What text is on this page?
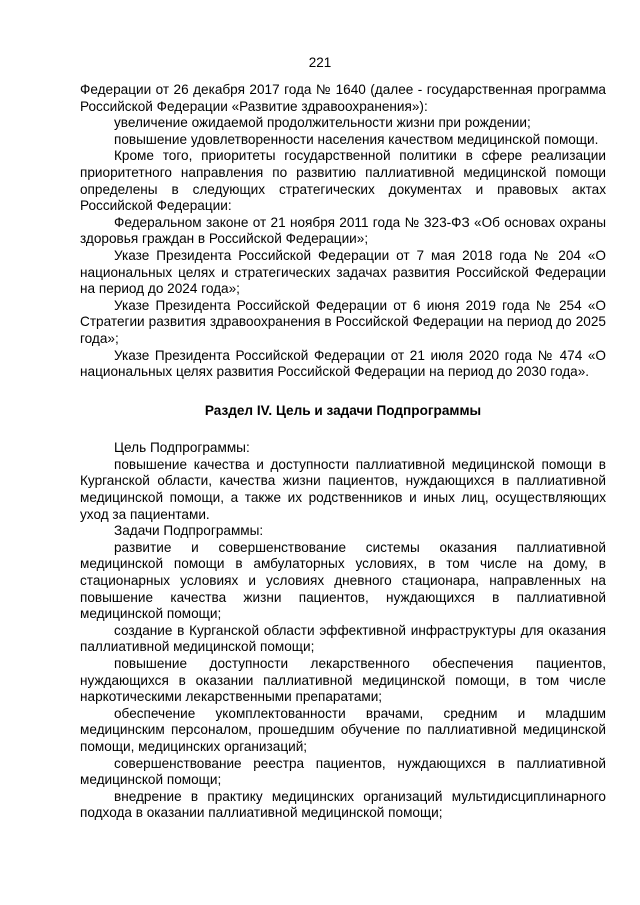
221

Федерации от 26 декабря 2017 года № 1640 (далее - государственная программа Российской Федерации «Развитие здравоохранения»):

увеличение ожидаемой продолжительности жизни при рождении;

повышение удовлетворенности населения качеством медицинской помощи.

Кроме того, приоритеты государственной политики в сфере реализации приоритетного направления по развитию паллиативной медицинской помощи определены в следующих стратегических документах и правовых актах Российской Федерации:

Федеральном законе от 21 ноября 2011 года № 323-ФЗ «Об основах охраны здоровья граждан в Российской Федерации»;

Указе Президента Российской Федерации от 7 мая 2018 года № 204 «О национальных целях и стратегических задачах развития Российской Федерации на период до 2024 года»;

Указе Президента Российской Федерации от 6 июня 2019 года № 254 «О Стратегии развития здравоохранения в Российской Федерации на период до 2025 года»;

Указе Президента Российской Федерации от 21 июля 2020 года № 474 «О национальных целях развития Российской Федерации на период до 2030 года».

Раздел IV. Цель и задачи Подпрограммы

Цель Подпрограммы:

повышение качества и доступности паллиативной медицинской помощи в Курганской области, качества жизни пациентов, нуждающихся в паллиативной медицинской помощи, а также их родственников и иных лиц, осуществляющих уход за пациентами.

Задачи Подпрограммы:

развитие и совершенствование системы оказания паллиативной медицинской помощи в амбулаторных условиях, в том числе на дому, в стационарных условиях и условиях дневного стационара, направленных на повышение качества жизни пациентов, нуждающихся в паллиативной медицинской помощи;

создание в Курганской области эффективной инфраструктуры для оказания паллиативной медицинской помощи;

повышение доступности лекарственного обеспечения пациентов, нуждающихся в оказании паллиативной медицинской помощи, в том числе наркотическими лекарственными препаратами;

обеспечение укомплектованности врачами, средним и младшим медицинским персоналом, прошедшим обучение по паллиативной медицинской помощи, медицинских организаций;

совершенствование реестра пациентов, нуждающихся в паллиативной медицинской помощи;

внедрение в практику медицинских организаций мультидисциплинарного подхода в оказании паллиативной медицинской помощи;
